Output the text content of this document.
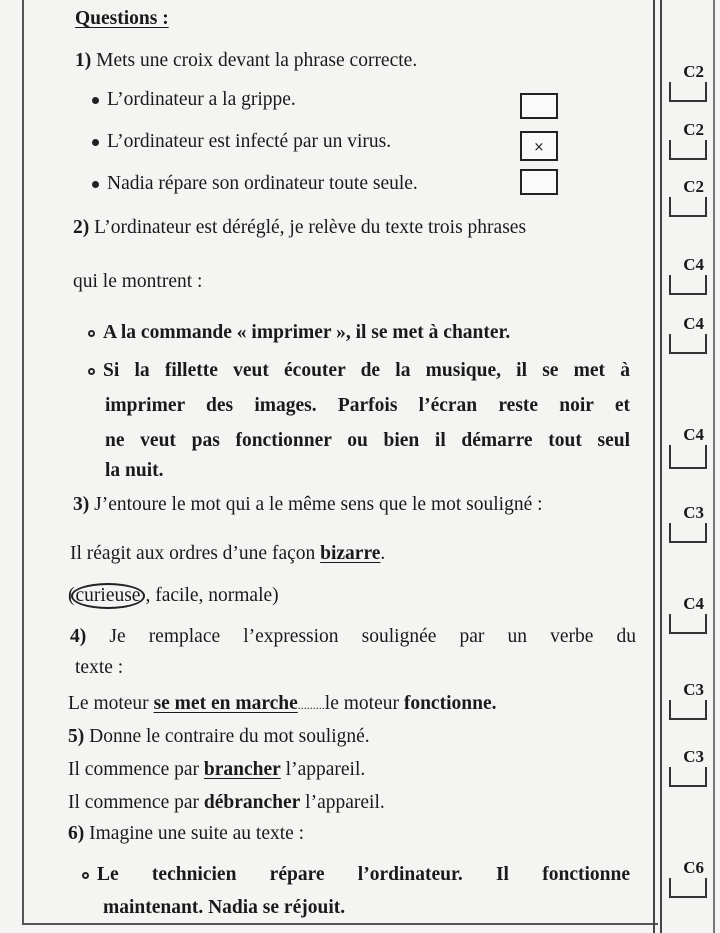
Questions :
1) Mets une croix devant la phrase correcte.
L’ordinateur a la grippe.
L’ordinateur est infecté par un virus.	×
Nadia répare son ordinateur toute seule.
2) L’ordinateur est déréglé, je relève du texte trois phrases
qui le montrent :
A la commande « imprimer », il se met à chanter.
Si la fillette veut écouter de la musique, il se met à
imprimer des images. Parfois l’écran reste noir et
ne veut pas fonctionner ou bien il démarre tout seul
la nuit.
3) J’entoure le mot qui a le même sens que le mot souligné :
Il réagit aux ordres d’une façon bizarre.
(curieuse , facile, normale)
4) Je remplace l’expression soulignée par un verbe du
texte :
Le moteur se met en marche.........le moteur fonctionne.
5) Donne le contraire du mot souligné.
Il commence par brancher l’appareil.
Il commence par débrancher l’appareil.
6) Imagine une suite au texte :
Le technicien répare l’ordinateur. Il fonctionne
maintenant. Nadia se réjouit.
C2
C2
C2
C4
C4
C4
C3
C4
C3
C3
C6
